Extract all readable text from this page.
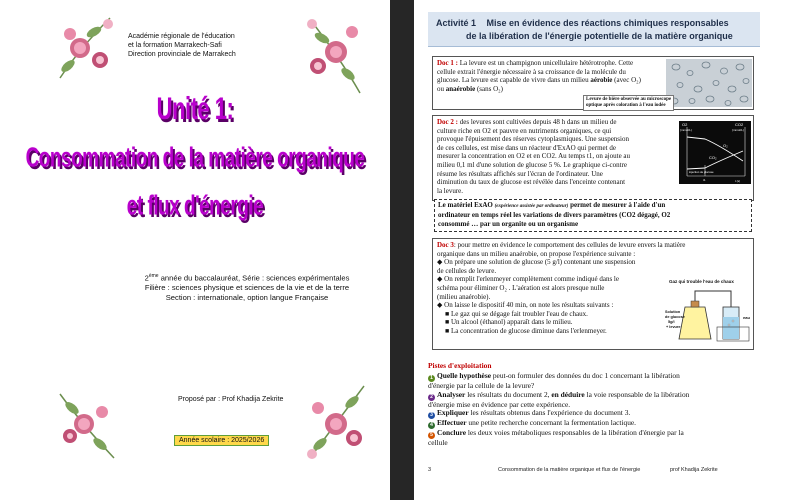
Académie régionale de l'éducation
et la formation Marrakech-Safi
Direction provinciale de Marrakech
Unité 1:
Consommation de la matière organique
et flux d'énergie
2ème année du baccalauréat, Série : sciences expérimentales
Filière : sciences physique et sciences de la vie et de la terre
Section : internationale, option langue Française
Proposé par : Prof Khadija Zekrite
Année scolaire : 2025/2026
Activité 1 Mise en évidence des réactions chimiques responsables
de la libération de l'énergie potentielle de la matière organique
Doc 1 : La levure est un champignon unicellulaire hétérotrophe. Cette
cellule extrait l'énergie nécessaire à sa croissance de la molécule du
glucose. La levure est capable de vivre dans un milieu aérobie (avec O₂)
ou anaérobie (sans O₂)
Levure de bière observée au microscope
optique après coloration à l'eau iodée
Doc 2 : des levures sont cultivées depuis 48 h dans un milieu de
culture riche en O2 et pauvre en nutriments organiques, ce qui
provoque l'épuisement des réserves cytoplasmiques. Une suspension
de ces cellules, est mise dans un réacteur d'ExAO qui permet de
mesurer la concentration en O2 et en CO2. Au temps t1, on ajoute au
milieu 0,1 ml d'une solution de glucose 5 %. Le graphique ci-contre
résume les résultats affichés sur l'écran de l'ordinateur. Une
diminution du taux de glucose est révélée dans l'enceinte contenant
la levure.
O2
(mmol/L)
CO2
(mmol/L)
O₂
CO₂
injection de glucose
t1	t (s)
Le matériel ExAO (expérience assistée par ordinateur) permet de mesurer à l'aide d'un
ordinateur en temps réel les variations de divers paramètres (CO2 dégagé, O2
consommé … par un organite ou un organisme
Doc 3: pour mettre en évidence le comportement des cellules de levure envers la matière
organique dans un milieu anaérobie, on propose l'expérience suivante :
◆ On prépare une solution de glucose (5 g/l) contenant une suspension
de cellules de levure.
◆ On remplit l'erlenmeyer complètement comme indiqué dans le
schéma pour éliminer O₂ . L'aération est alors presque nulle
(milieu anaérobie).
◆ On laisse le dispositif 40 min, on note les résultats suivants :
■ Le gaz qui se dégage fait troubler l'eau de chaux.
■ Un alcool (éthanol) apparaît dans le milieu.
■ La concentration de glucose diminue dans l'erlenmeyer.
Gaz qui trouble l'eau de chaux
Solution
de glucose
5g/l
+ levure
eau
Pistes d'exploitation
1 Quelle hypothèse peut-on formuler des données du doc 1 concernant la libération
d'énergie par la cellule de la levure?
2 Analyser les résultats du document 2, en déduire la voie responsable de la libération
d'énergie mise en évidence par cette expérience.
3 Expliquer les résultats obtenus dans l'expérience du document 3.
4 Effectuer une petite recherche concernant la fermentation lactique.
5 Conclure les deux voies métaboliques responsables de la libération d'énergie par la
cellule
3	Consommation de la matière organique et flux de l'énergie	prof Khadija Zekrite
